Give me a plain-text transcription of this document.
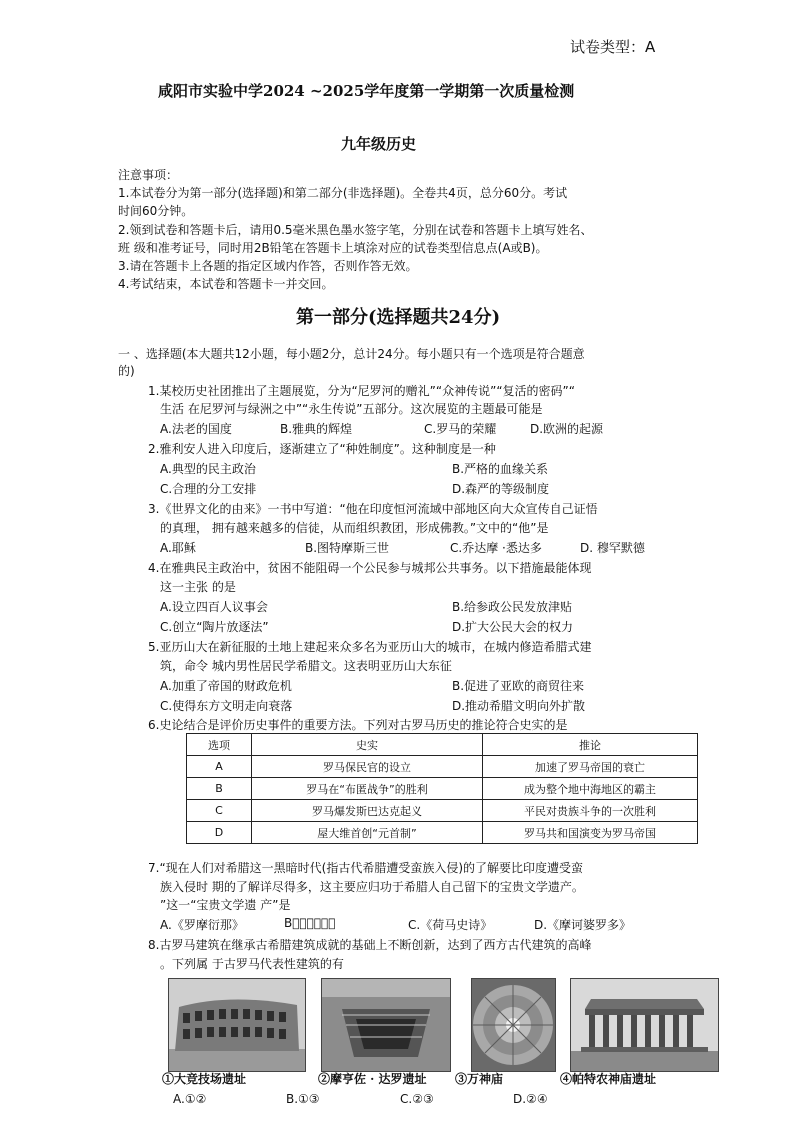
试卷类型：A
咸阳市实验中学2024 ~2025学年度第一学期第一次质量检测
九年级历史
注意事项：
1.本试卷分为第一部分(选择题)和第二部分(非选择题)。全卷共4页，总分60分。考试
时间60分钟。
2.领到试卷和答题卡后，请用0.5毫米黑色墨水签字笔，分别在试卷和答题卡上填写姓名、
班 级和准考证号，同时用2B铅笔在答题卡上填涂对应的试卷类型信息点(A或B)。
3.请在答题卡上各题的指定区域内作答，否则作答无效。
4.考试结束，本试卷和答题卡一并交回。
第一部分(选择题共24分)
一 、选择题(本大题共12小题，每小题2分，总计24分。每小题只有一个选项是符合题意
的)
1.某校历史社团推出了主题展览，分为“尼罗河的赠礼”“众神传说”“复活的密码”“
生活 在尼罗河与绿洲之中”“永生传说”五部分。这次展览的主题最可能是
A.法老的国度	B.雅典的辉煌	C.罗马的荣耀	D.欧洲的起源
2.雅利安人进入印度后，逐渐建立了“种姓制度”。这种制度是一种
A.典型的民主政治	B.严格的血缘关系
C.合理的分工安排	D.森严的等级制度
3.《世界文化的由来》一书中写道：“他在印度恒河流域中部地区向大众宣传自己证悟
的真理， 拥有越来越多的信徒，从而组织教团，形成佛教。”文中的“他”是
A.耶稣	B.图特摩斯三世	C.乔达摩 ·悉达多	D. 穆罕默德
4.在雅典民主政治中，贫困不能阻碍一个公民参与城邦公共事务。以下措施最能体现
这一主张 的是
A.设立四百人议事会	B.给参政公民发放津贴
C.创立“陶片放逐法”	D.扩大公民大会的权力
5.亚历山大在新征服的土地上建起来众多名为亚历山大的城市，在城内修造希腊式建
筑，命令 城内男性居民学希腊文。这表明亚历山大东征
A.加重了帝国的财政危机	B.促进了亚欧的商贸往来
C.使得东方文明走向衰落	D.推动希腊文明向外扩散
6.史论结合是评价历史事件的重要方法。下列对古罗马历史的推论符合史实的是
选项	史实	推论
A	罗马保民官的设立	加速了罗马帝国的衰亡
B	罗马在“布匿战争”的胜利	成为整个地中海地区的霸主
C	罗马爆发斯巴达克起义	平民对贵族斗争的一次胜利
D	屋大维首创“元首制”	罗马共和国演变为罗马帝国
7.“现在人们对希腊这一黑暗时代(指古代希腊遭受蛮族入侵)的了解要比印度遭受蛮
族入侵时 期的了解详尽得多，这主要应归功于希腊人自己留下的宝贵文学遗产。
”这一“宝贵文学遗 产”是
A.《罗摩衍那》	B《𢧐䂣拼者》	C.《荷马史诗》	D.《摩诃婆罗多》
8.古罗马建筑在继承古希腊建筑成就的基础上不断创新，达到了西方古代建筑的高峰
。下列属 于古罗马代表性建筑的有
①大竞技场遗址	②摩亨佐 · 达罗遗址 ③万神庙	④帕特农神庙遗址
A.①②	B.①③	C.②③	D.②④
